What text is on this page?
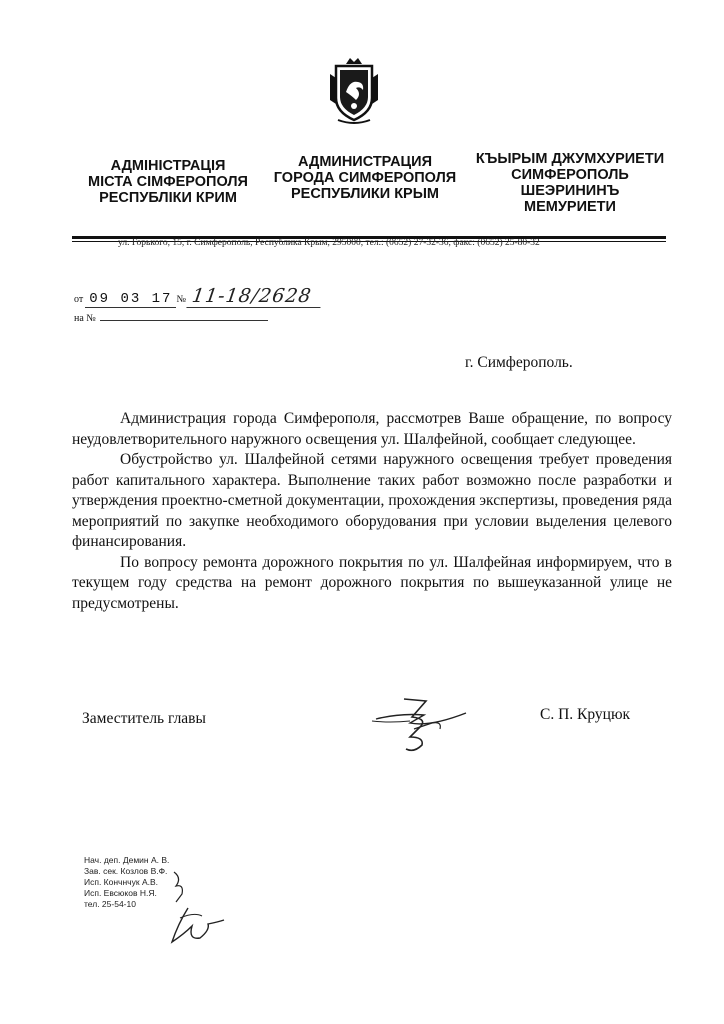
АДМІНІСТРАЦІЯ
МІСТА СІМФЕРОПОЛЯ
РЕСПУБЛІКИ КРИМ
АДМИНИСТРАЦИЯ
ГОРОДА СИМФЕРОПОЛЯ
РЕСПУБЛИКИ КРЫМ
КЪЫРЫМ ДЖУМХУРИЕТИ
СИМФЕРОПОЛЬ
ШЕЭРИНИНЪ
МЕМУРИЕТИ
ул. Горького, 15, г. Симферополь, Республика Крым, 295000, тел.: (0652) 27-32-36, факс: (0652) 25-80-32
от 09 03 17 № 11-18/2628
на №
г. Симферополь.

Администрация города Симферополя, рассмотрев Ваше обращение, по вопросу неудовлетворительного наружного освещения ул. Шалфейной, сообщает следующее.

Обустройство ул. Шалфейной сетями наружного освещения требует проведения работ капитального характера. Выполнение таких работ возможно после разработки и утверждения проектно-сметной документации, прохождения экспертизы, проведения ряда мероприятий по закупке необходимого оборудования при условии выделения целевого финансирования.

По вопросу ремонта дорожного покрытия по ул. Шалфейная информируем, что в текущем году средства на ремонт дорожного покрытия по вышеуказанной улице не предусмотрены.

Заместитель главы	С. П. Круцюк
Нач. деп. Демин А. В.
Зав. сек. Козлов В.Ф.
Исп. Кончнчук А.В.
Исп. Евсюков Н.Я.
тел. 25-54-10
